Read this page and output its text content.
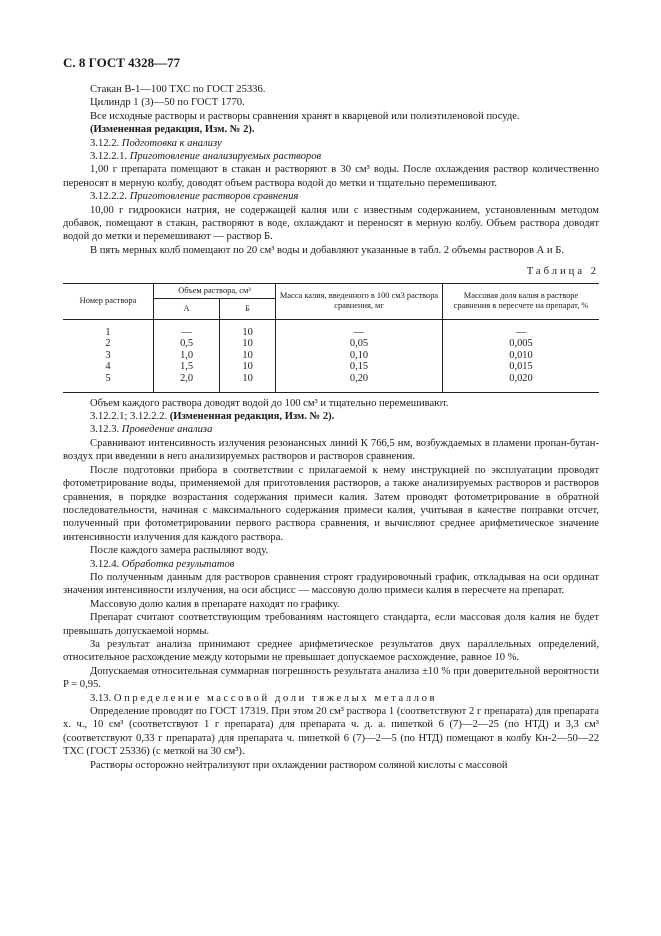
С. 8 ГОСТ 4328—77

Стакан В-1—100 ТХС по ГОСТ 25336.

Цилиндр 1 (3)—50 по ГОСТ 1770.

Все исходные растворы и растворы сравнения хранят в кварцевой или полиэтиленовой посуде.

(Измененная редакция, Изм. № 2).

3.12.2. Подготовка к анализу

3.12.2.1. Приготовление анализируемых растворов

1,00 г препарата помещают в стакан и растворяют в 30 см³ воды. После охлаждения раствор количественно переносят в мерную колбу, доводят объем раствора водой до метки и тщательно перемешивают.

3.12.2.2. Приготовление растворов сравнения

10,00 г гидроокиси натрия, не содержащей калия или с известным содержанием, установленным методом добавок, помещают в стакан, растворяют в воде, охлаждают и переносят в мерную колбу. Объем раствора доводят водой до метки и перемешивают — раствор Б.

В пять мерных колб помещают по 20 см³ воды и добавляют указанные в табл. 2 объемы растворов А и Б.

Таблица 2
Номер раствора	Объем раствора, см³		Масса калия, введенного в 100 см3 раствора сравнения, мг	Массовая доля калия в растворе сравнения в пересчете на препарат, %
	А	Б		
1	—	10	—	—
2	0,5	10	0,05	0,005
3	1,0	10	0,10	0,010
4	1,5	10	0,15	0,015
5	2,0	10	0,20	0,020

Объем каждого раствора доводят водой до 100 см³ и тщательно перемешивают.

3.12.2.1; 3.12.2.2. (Измененная редакция, Изм. № 2).

3.12.3. Проведение анализа

Сравнивают интенсивность излучения резонансных линий К 766,5 нм, возбуждаемых в пламени пропан-бутан-воздух при введении в него анализируемых растворов и растворов сравнения.

После подготовки прибора в соответствии с прилагаемой к нему инструкцией по эксплуатации проводят фотометрирование воды, применяемой для приготовления растворов, а также анализируемых растворов и растворов сравнения, в порядке возрастания содержания примеси калия. Затем проводят фотометрирование в обратной последовательности, начиная с максимального содержания примеси калия, учитывая в качестве поправки отсчет, полученный при фотометрировании первого раствора сравнения, и вычисляют среднее арифметическое значение интенсивности излучения для каждого раствора.

После каждого замера распыляют воду.

3.12.4. Обработка результатов

По полученным данным для растворов сравнения строят градуировочный график, откладывая на оси ординат значения интенсивности излучения, на оси абсцисс — массовую долю примеси калия в пересчете на препарат.

Массовую долю калия в препарате находят по графику.

Препарат считают соответствующим требованиям настоящего стандарта, если массовая доля калия не будет превышать допускаемой нормы.

За результат анализа принимают среднее арифметическое результатов двух параллельных определений, относительное расхождение между которыми не превышает допускаемое расхождение, равное 10 %.

Допускаемая относительная суммарная погрешность результата анализа ±10 % при доверительной вероятности P = 0,95.

3.13. Определение массовой доли тяжелых металлов

Определение проводят по ГОСТ 17319. При этом 20 см³ раствора 1 (соответствуют 2 г препарата) для препарата х. ч., 10 см³ (соответствуют 1 г препарата) для препарата ч. д. а. пипеткой 6 (7)—2—25 (по НТД) и 3,3 см³ (соответствуют 0,33 г препарата) для препарата ч. пипеткой 6 (7)—2—5 (по НТД) помещают в колбу Кн-2—50—22 ТХС (ГОСТ 25336) (с меткой на 30 см³).

Растворы осторожно нейтрализуют при охлаждении раствором соляной кислоты с массовой
